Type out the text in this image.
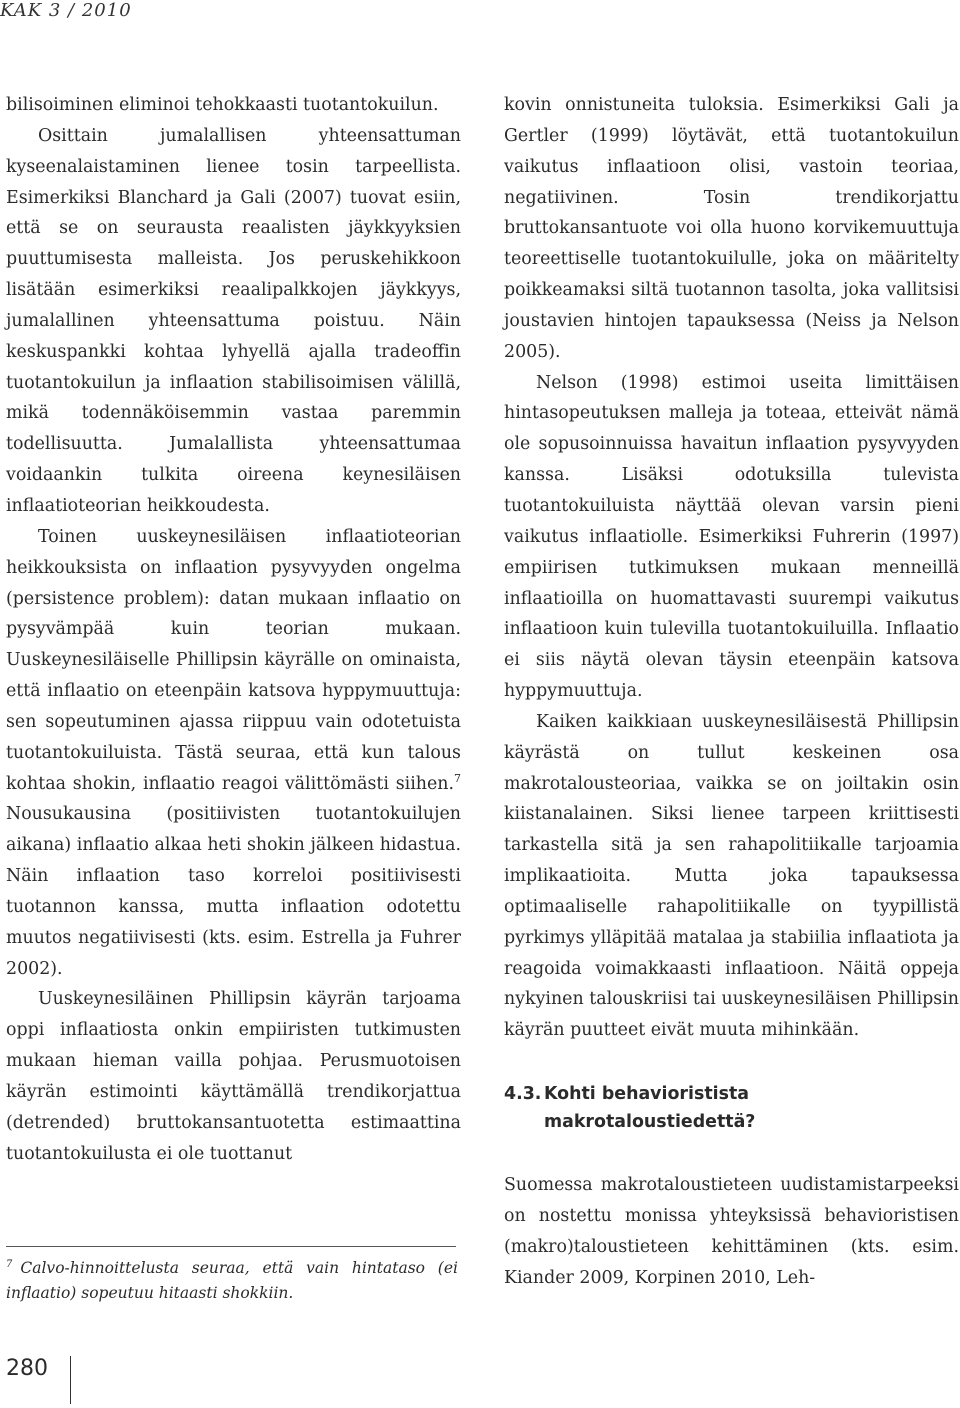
KAK 3 / 2010

bilisoiminen eliminoi tehokkaasti tuotantokuilun.

Osittain jumalallisen yhteensattuman kyseenalaistaminen lienee tosin tarpeellista. Esimerkiksi Blanchard ja Gali (2007) tuovat esiin, että se on seurausta reaalisten jäykkyyksien puuttumisesta malleista. Jos peruskehikkoon lisätään esimerkiksi reaalipalkkojen jäykkyys, jumalallinen yhteensattuma poistuu. Näin keskuspankki kohtaa lyhyellä ajalla tradeoffin tuotantokuilun ja inflaation stabilisoimisen välillä, mikä todennäköisemmin vastaa paremmin todellisuutta. Jumalallista yhteensattumaa voidaankin tulkita oireena keynesiläisen inflaatioteorian heikkoudesta.

Toinen uuskeynesiläisen inflaatioteorian heikkouksista on inflaation pysyvyyden ongelma (persistence problem): datan mukaan inflaatio on pysyvämpää kuin teorian mukaan. Uuskeynesiläiselle Phillipsin käyrälle on ominaista, että inflaatio on eteenpäin katsova hyppymuuttuja: sen sopeutuminen ajassa riippuu vain odotetuista tuotantokuiluista. Tästä seuraa, että kun talous kohtaa shokin, inflaatio reagoi välittömästi siihen.$^7$ Nousukausina (positiivisten tuotantokuilujen aikana) inflaatio alkaa heti shokin jälkeen hidastua. Näin inflaation taso korreloi positiivisesti tuotannon kanssa, mutta inflaation odotettu muutos negatiivisesti (kts. esim. Estrella ja Fuhrer 2002).

Uuskeynesiläinen Phillipsin käyrän tarjoama oppi inflaatiosta onkin empiiristen tutkimusten mukaan hieman vailla pohjaa. Perusmuotoisen käyrän estimointi käyttämällä trendikorjattua (detrended) bruttokansantuotetta estimaattina tuotantokuilusta ei ole tuottanut

$^7$ Calvo-hinnoittelusta seuraa, että vain hintataso (ei inflaatio) sopeutuu hitaasti shokkiin.

kovin onnistuneita tuloksia. Esimerkiksi Gali ja Gertler (1999) löytävät, että tuotantokuilun vaikutus inflaatioon olisi, vastoin teoriaa, negatiivinen. Tosin trendikorjattu bruttokansantuote voi olla huono korvikemuuttuja teoreettiselle tuotantokuilulle, joka on määritelty poikkeamaksi siltä tuotannon tasolta, joka vallitsisi joustavien hintojen tapauksessa (Neiss ja Nelson 2005).

Nelson (1998) estimoi useita limittäisen hintasopeutuksen malleja ja toteaa, etteivät nämä ole sopusoinnuissa havaitun inflaation pysyvyyden kanssa. Lisäksi odotuksilla tulevista tuotantokuiluista näyttää olevan varsin pieni vaikutus inflaatiolle. Esimerkiksi Fuhrerin (1997) empiirisen tutkimuksen mukaan menneillä inflaatioilla on huomattavasti suurempi vaikutus inflaatioon kuin tulevilla tuotantokuiluilla. Inflaatio ei siis näytä olevan täysin eteenpäin katsova hyppymuuttuja.

Kaiken kaikkiaan uuskeynesiläisestä Phillipsin käyrästä on tullut keskeinen osa makrotalousteoriaa, vaikka se on joiltakin osin kiistanalainen. Siksi lienee tarpeen kriittisesti tarkastella sitä ja sen rahapolitiikalle tarjoamia implikaatioita. Mutta joka tapauksessa optimaaliselle rahapolitiikalle on tyypillistä pyrkimys ylläpitää matalaa ja stabiilia inflaatiota ja reagoida voimakkaasti inflaatioon. Näitä oppeja nykyinen talouskriisi tai uuskeynesiläisen Phillipsin käyrän puutteet eivät muuta mihinkään.

4.3. Kohti behavioristista
makrotaloustiedettä?

Suomessa makrotaloustieteen uudistamistarpeeksi on nostettu monissa yhteyksissä behavioristisen (makro)taloustieteen kehittäminen (kts. esim. Kiander 2009, Korpinen 2010, Leh-

280
